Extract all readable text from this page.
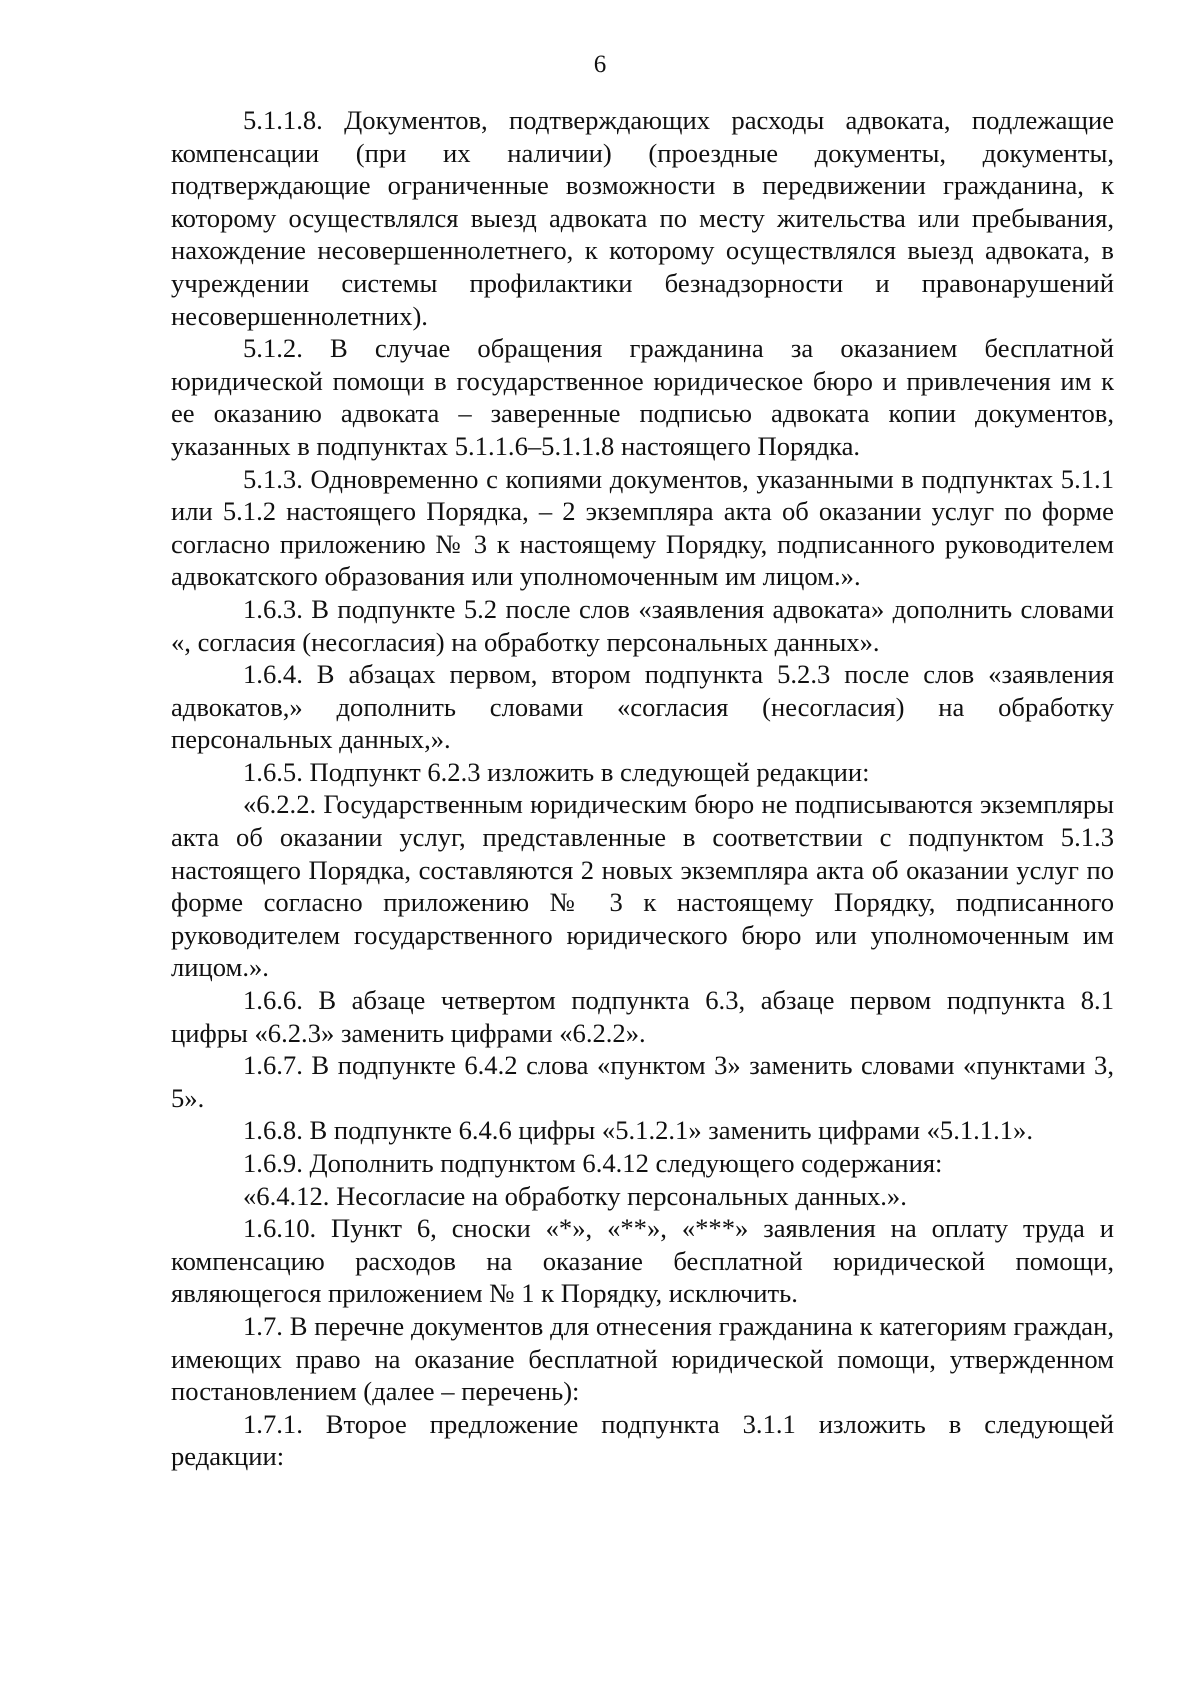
6

5.1.1.8. Документов, подтверждающих расходы адвоката, подлежащие компенсации (при их наличии) (проездные документы, документы, подтверждающие ограниченные возможности в передвижении гражданина, к которому осуществлялся выезд адвоката по месту жительства или пребывания, нахождение несовершеннолетнего, к которому осуществлялся выезд адвоката, в учреждении системы профилактики безнадзорности и правонарушений несовершеннолетних).

5.1.2. В случае обращения гражданина за оказанием бесплатной юридической помощи в государственное юридическое бюро и привлечения им к ее оказанию адвоката – заверенные подписью адвоката копии документов, указанных в подпунктах 5.1.1.6–5.1.1.8 настоящего Порядка.

5.1.3. Одновременно с копиями документов, указанными в подпунктах 5.1.1 или 5.1.2 настоящего Порядка, – 2 экземпляра акта об оказании услуг по форме согласно приложению № 3 к настоящему Порядку, подписанного руководителем адвокатского образования или уполномоченным им лицом.».

1.6.3. В подпункте 5.2 после слов «заявления адвоката» дополнить словами «, согласия (несогласия) на обработку персональных данных».

1.6.4. В абзацах первом, втором подпункта 5.2.3 после слов «заявления адвокатов,» дополнить словами «согласия (несогласия) на обработку персональных данных,».

1.6.5. Подпункт 6.2.3 изложить в следующей редакции:

«6.2.2. Государственным юридическим бюро не подписываются экземпляры акта об оказании услуг, представленные в соответствии с подпунктом 5.1.3 настоящего Порядка, составляются 2 новых экземпляра акта об оказании услуг по форме согласно приложению № 3 к настоящему Порядку, подписанного руководителем государственного юридического бюро или уполномоченным им лицом.».

1.6.6. В абзаце четвертом подпункта 6.3, абзаце первом подпункта 8.1 цифры «6.2.3» заменить цифрами «6.2.2».

1.6.7. В подпункте 6.4.2 слова «пунктом 3» заменить словами «пунктами 3, 5».

1.6.8. В подпункте 6.4.6 цифры «5.1.2.1» заменить цифрами «5.1.1.1».

1.6.9. Дополнить подпунктом 6.4.12 следующего содержания:

«6.4.12. Несогласие на обработку персональных данных.».

1.6.10. Пункт 6, сноски «*», «**», «***» заявления на оплату труда и компенсацию расходов на оказание бесплатной юридической помощи, являющегося приложением № 1 к Порядку, исключить.

1.7. В перечне документов для отнесения гражданина к категориям граждан, имеющих право на оказание бесплатной юридической помощи, утвержденном постановлением (далее – перечень):

1.7.1. Второе предложение подпункта 3.1.1 изложить в следующей редакции:
